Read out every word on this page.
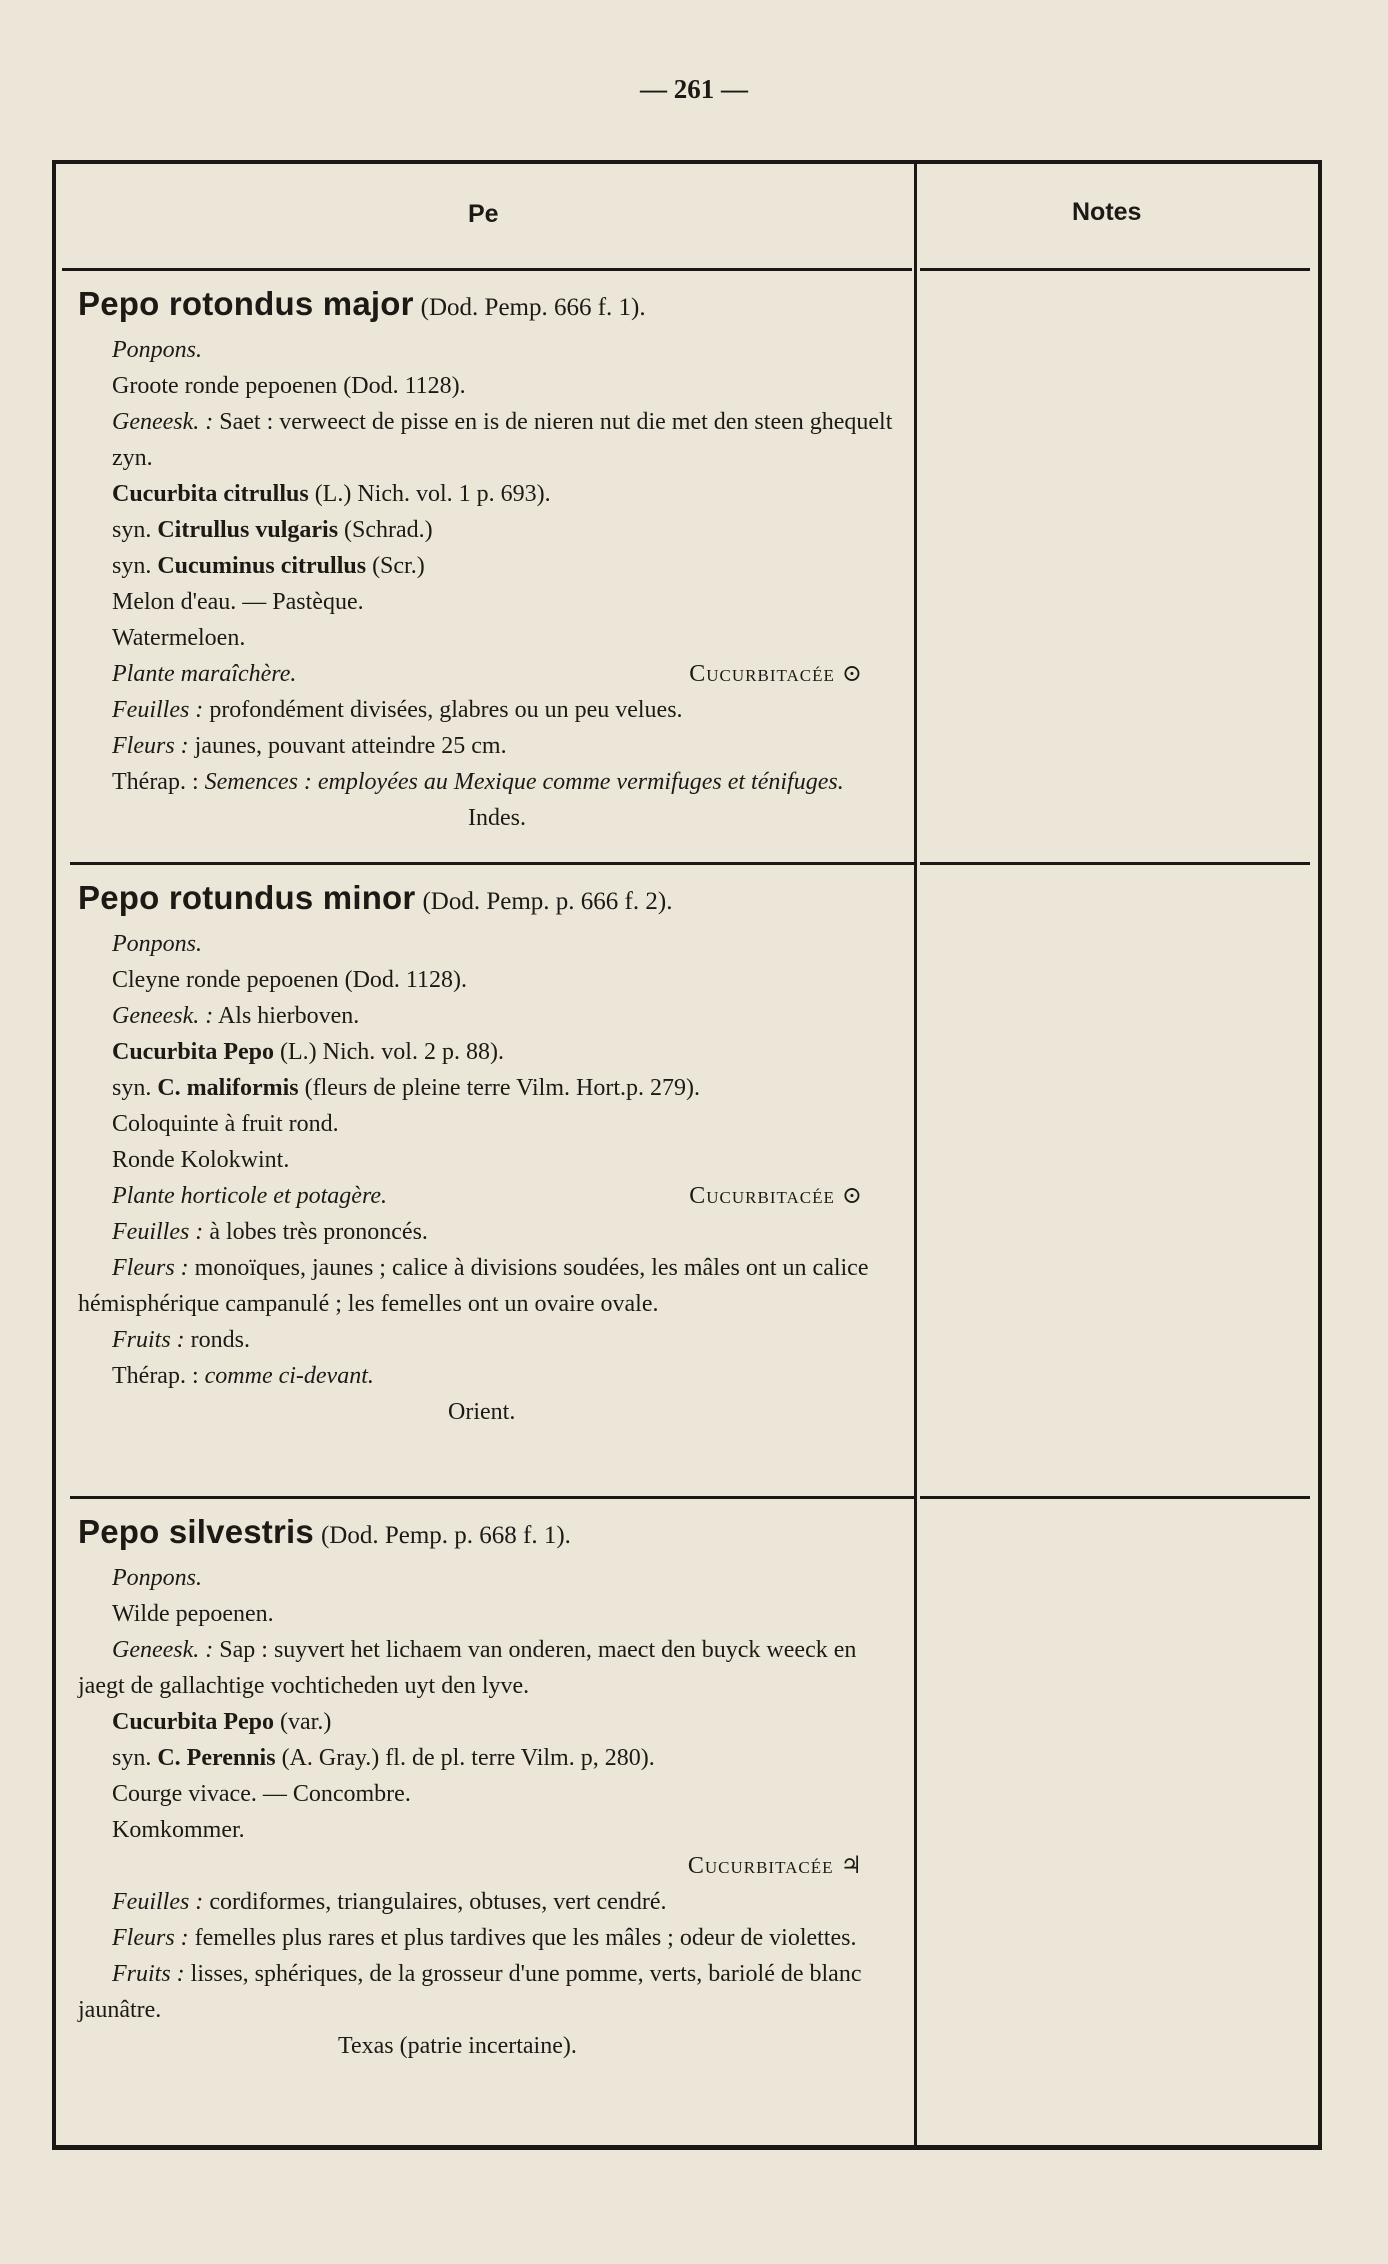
— 261 —
Pe	Notes

Pepo rotondus major (Dod. Pemp. 666 f. 1).

Ponpons.

Groote ronde pepoenen (Dod. 1128).

Geneesk. : Saet : verweect de pisse en is de nieren nut die met den steen ghequelt zyn.

Cucurbita citrullus (L.) Nich. vol. 1 p. 693).

syn. Citrullus vulgaris (Schrad.)

syn. Cucuminus citrullus (Scr.)

Melon d'eau. — Pastèque.

Watermeloen.

Plante maraîchère.	Cucurbitacée ⊙

Feuilles : profondément divisées, glabres ou un peu velues.

Fleurs : jaunes, pouvant atteindre 25 cm.

Thérap. : Semences : employées au Mexique comme vermifuges et ténifuges.

Indes.

Pepo rotundus minor (Dod. Pemp. p. 666 f. 2).

Ponpons.

Cleyne ronde pepoenen (Dod. 1128).

Geneesk. : Als hierboven.

Cucurbita Pepo (L.) Nich. vol. 2 p. 88).

syn. C. maliformis (fleurs de pleine terre Vilm. Hort.p. 279).

Coloquinte à fruit rond.

Ronde Kolokwint.

Plante horticole et potagère.	Cucurbitacée ⊙

Feuilles : à lobes très prononcés.

Fleurs : monoïques, jaunes ; calice à divisions soudées, les mâles ont un calice hémisphérique campanulé ; les femelles ont un ovaire ovale.

Fruits : ronds.

Thérap. : comme ci-devant.

Orient.

Pepo silvestris (Dod. Pemp. p. 668 f. 1).

Ponpons.

Wilde pepoenen.

Geneesk. : Sap : suyvert het lichaem van onderen, maect den buyck weeck en jaegt de gallachtige vochticheden uyt den lyve.

Cucurbita Pepo (var.)

syn. C. Perennis (A. Gray.) fl. de pl. terre Vilm. p, 280).

Courge vivace. — Concombre.

Komkommer.

Cucurbitacée ♃

Feuilles : cordiformes, triangulaires, obtuses, vert cendré.

Fleurs : femelles plus rares et plus tardives que les mâles ; odeur de violettes.

Fruits : lisses, sphériques, de la grosseur d'une pomme, verts, bariolé de blanc jaunâtre.

Texas (patrie incertaine).
